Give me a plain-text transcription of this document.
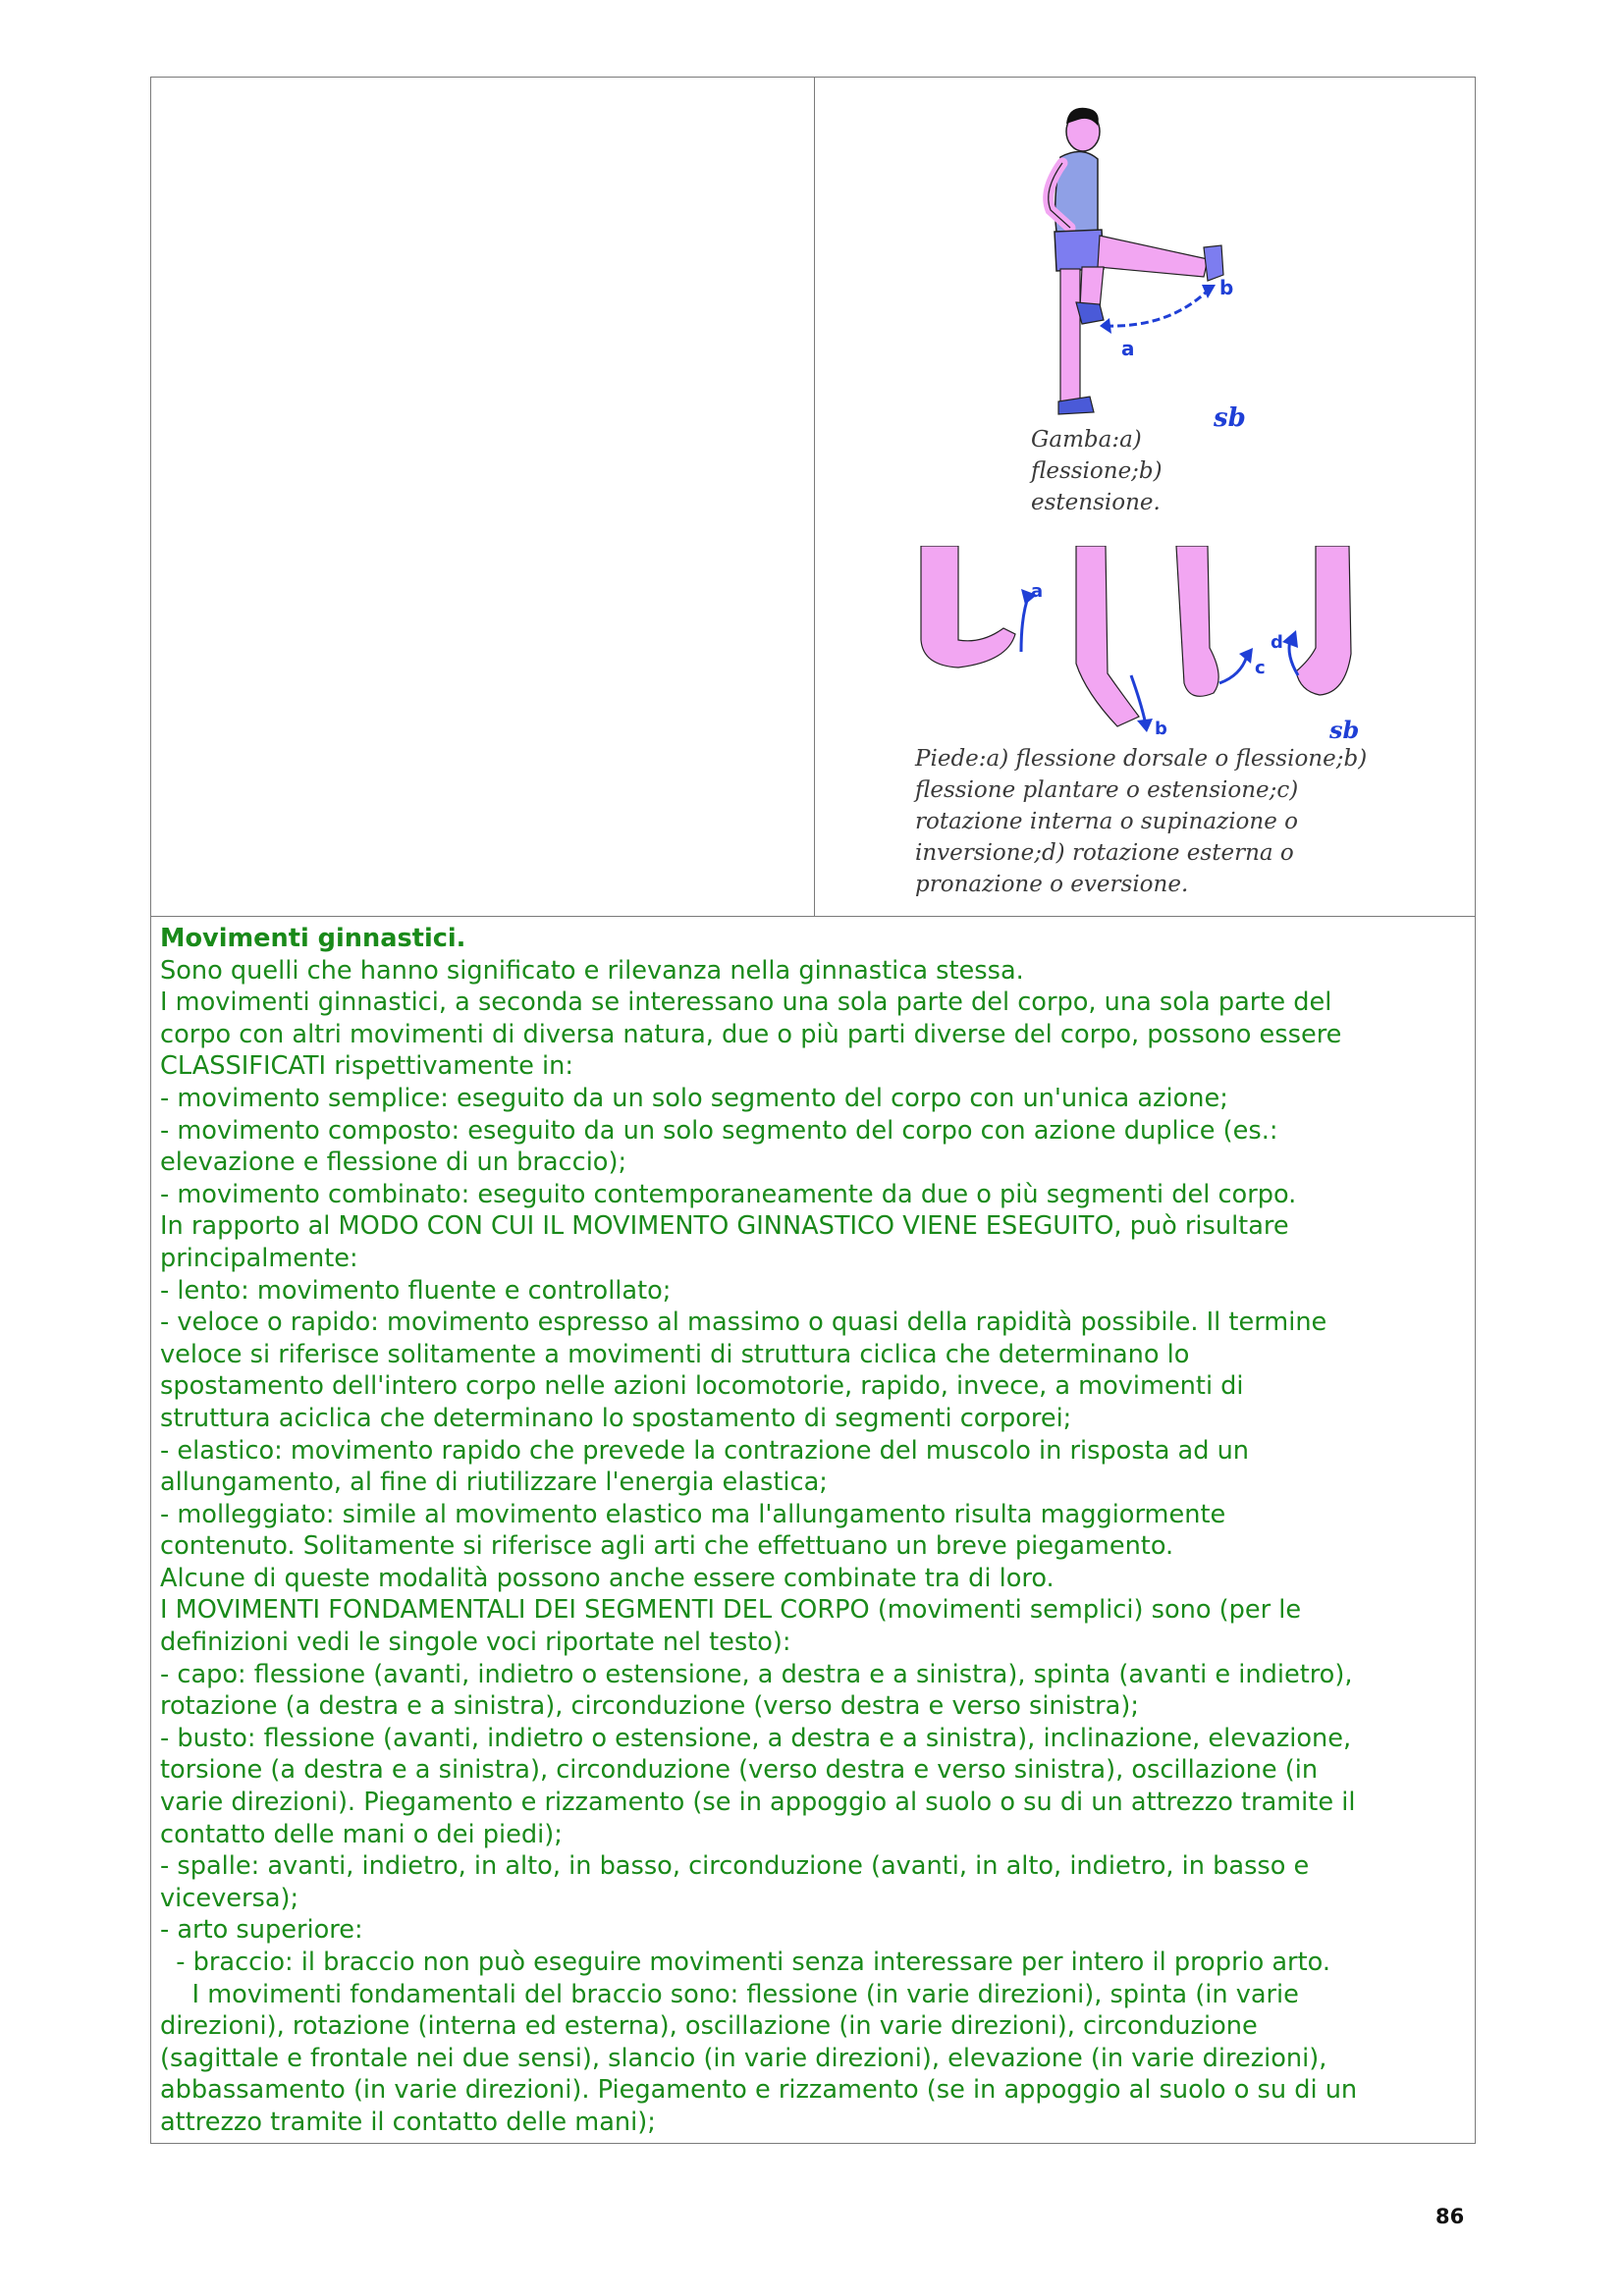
a
b
sb

Gamba:a)
flessione;b)
estensione.

a
b
c
d
sb

Piede:a) flessione dorsale o flessione;b)
flessione plantare o estensione;c)
rotazione interna o supinazione o
inversione;d) rotazione esterna o
pronazione o eversione.

Movimenti ginnastici.
Sono quelli che hanno significato e rilevanza nella ginnastica stessa.
I movimenti ginnastici, a seconda se interessano una sola parte del corpo, una sola parte del
corpo con altri movimenti di diversa natura, due o più parti diverse del corpo, possono essere
CLASSIFICATI rispettivamente in:
- movimento semplice: eseguito da un solo segmento del corpo con un'unica azione;
- movimento composto: eseguito da un solo segmento del corpo con azione duplice (es.:
elevazione e flessione di un braccio);
- movimento combinato: eseguito contemporaneamente da due o più segmenti del corpo.
In rapporto al MODO CON CUI IL MOVIMENTO GINNASTICO VIENE ESEGUITO, può risultare
principalmente:
- lento: movimento fluente e controllato;
- veloce o rapido: movimento espresso al massimo o quasi della rapidità possibile. Il termine
veloce si riferisce solitamente a movimenti di struttura ciclica che determinano lo
spostamento dell'intero corpo nelle azioni locomotorie, rapido, invece, a movimenti di
struttura aciclica che determinano lo spostamento di segmenti corporei;
- elastico: movimento rapido che prevede la contrazione del muscolo in risposta ad un
allungamento, al fine di riutilizzare l'energia elastica;
- molleggiato: simile al movimento elastico ma l'allungamento risulta maggiormente
contenuto. Solitamente si riferisce agli arti che effettuano un breve piegamento.
Alcune di queste modalità possono anche essere combinate tra di loro.
I MOVIMENTI FONDAMENTALI DEI SEGMENTI DEL CORPO (movimenti semplici) sono (per le
definizioni vedi le singole voci riportate nel testo):
- capo: flessione (avanti, indietro o estensione, a destra e a sinistra), spinta (avanti e indietro),
rotazione (a destra e a sinistra), circonduzione (verso destra e verso sinistra);
- busto: flessione (avanti, indietro o estensione, a destra e a sinistra), inclinazione, elevazione,
torsione (a destra e a sinistra), circonduzione (verso destra e verso sinistra), oscillazione (in
varie direzioni). Piegamento e rizzamento (se in appoggio al suolo o su di un attrezzo tramite il
contatto delle mani o dei piedi);
- spalle: avanti, indietro, in alto, in basso, circonduzione (avanti, in alto, indietro, in basso e
viceversa);
- arto superiore:
- braccio: il braccio non può eseguire movimenti senza interessare per intero il proprio arto.
I movimenti fondamentali del braccio sono: flessione (in varie direzioni), spinta (in varie
direzioni), rotazione (interna ed esterna), oscillazione (in varie direzioni), circonduzione
(sagittale e frontale nei due sensi), slancio (in varie direzioni), elevazione (in varie direzioni),
abbassamento (in varie direzioni). Piegamento e rizzamento (se in appoggio al suolo o su di un
attrezzo tramite il contatto delle mani);
86
